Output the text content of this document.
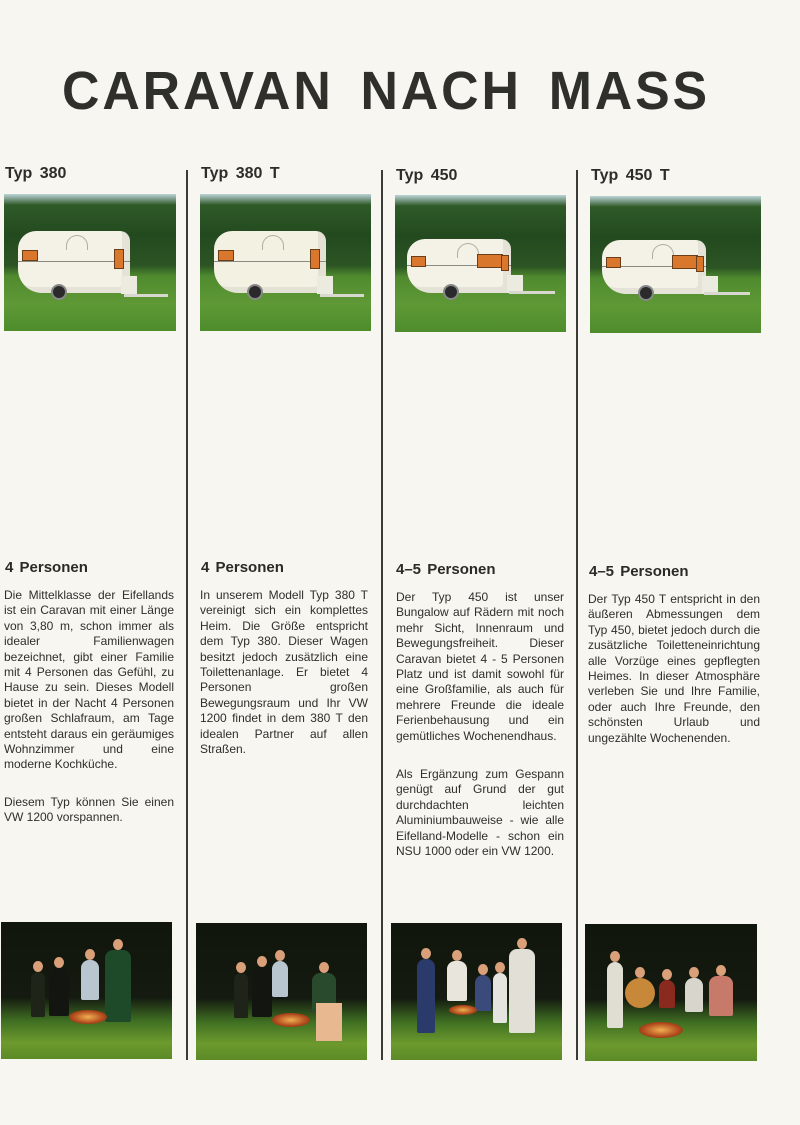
CARAVAN NACH MASS
Typ 380
4 Personen

Die Mittelklasse der Eifellands ist ein Caravan mit einer Länge von 3,80 m, schon immer als idealer Familienwagen bezeichnet, gibt einer Familie mit 4 Personen das Gefühl, zu Hause zu sein. Dieses Modell bietet in der Nacht 4 Personen großen Schlafraum, am Tage entsteht daraus ein geräumiges Wohnzimmer und eine moderne Kochküche.

Diesem Typ können Sie einen VW 1200 vorspannen.

Typ 380 T
4 Personen

In unserem Modell Typ 380 T vereinigt sich ein komplettes Heim. Die Größe entspricht dem Typ 380. Dieser Wagen besitzt jedoch zusätzlich eine Toilettenanlage. Er bietet 4 Personen großen Bewegungsraum und Ihr VW 1200 findet in dem 380 T den idealen Partner auf allen Straßen.

Typ 450
4–5 Personen

Der Typ 450 ist unser Bungalow auf Rädern mit noch mehr Sicht, Innenraum und Bewegungsfreiheit. Dieser Caravan bietet 4 - 5 Personen Platz und ist damit sowohl für eine Großfamilie, als auch für mehrere Freunde die ideale Ferienbehausung und ein gemütliches Wochenendhaus.

Als Ergänzung zum Gespann genügt auf Grund der gut durchdachten leichten Aluminiumbauweise - wie alle Eifelland-Modelle - schon ein NSU 1000 oder ein VW 1200.

Typ 450 T
4–5 Personen

Der Typ 450 T entspricht in den äußeren Abmessungen dem Typ 450, bietet jedoch durch die zusätzliche Toiletteneinrichtung alle Vorzüge eines gepflegten Heimes. In dieser Atmosphäre verleben Sie und Ihre Familie, oder auch Ihre Freunde, den schönsten Urlaub und ungezählte Wochenenden.
